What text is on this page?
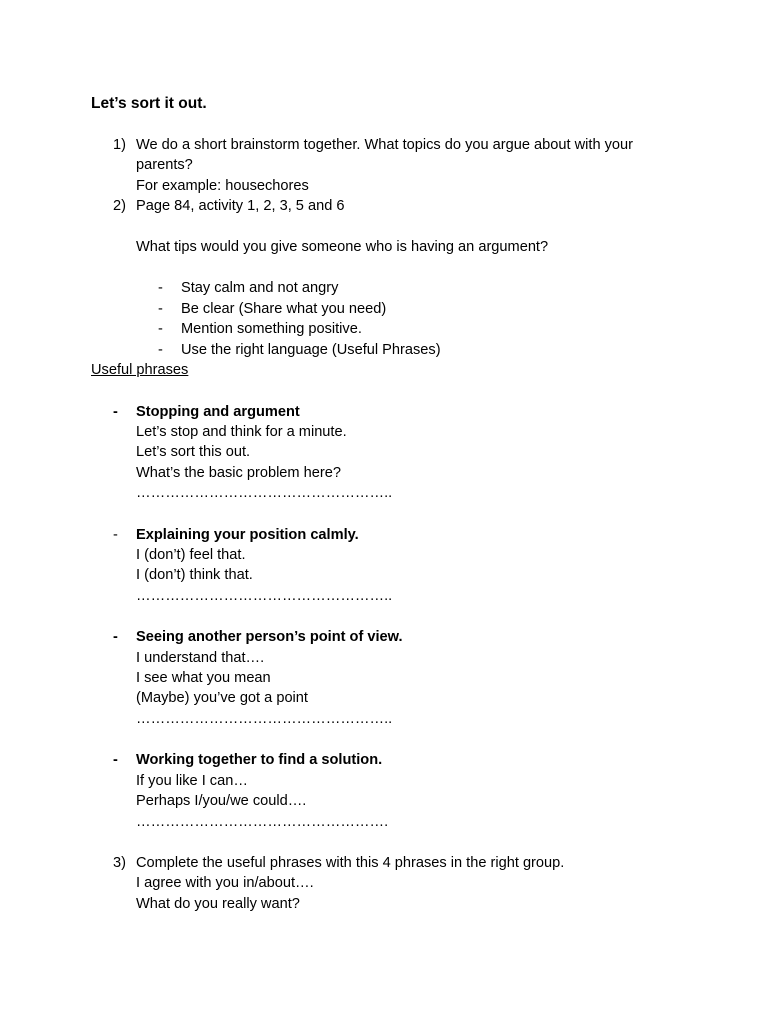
Let’s sort it out.
1) We do a short brainstorm together. What topics do you argue about with your
parents?
For example: housechores
2) Page 84, activity 1, 2, 3, 5 and 6
What tips would you give someone who is having an argument?
- Stay calm and not angry
- Be clear (Share what you need)
- Mention something positive.
- Use the right language (Useful Phrases)
Useful phrases
- Stopping and argument
Let’s stop and think for a minute.
Let’s sort this out.
What’s the basic problem here?
……………………………………………..
- Explaining your position calmly.
I (don’t) feel that.
I (don’t) think that.
……………………………………………..
- Seeing another person’s point of view.
I understand that….
I see what you mean
(Maybe) you’ve got a point
……………………………………………..
- Working together to find a solution.
If you like I can…
Perhaps I/you/we could….
…………………………………………….
3) Complete the useful phrases with this 4 phrases in the right group.
I agree with you in/about….
What do you really want?
